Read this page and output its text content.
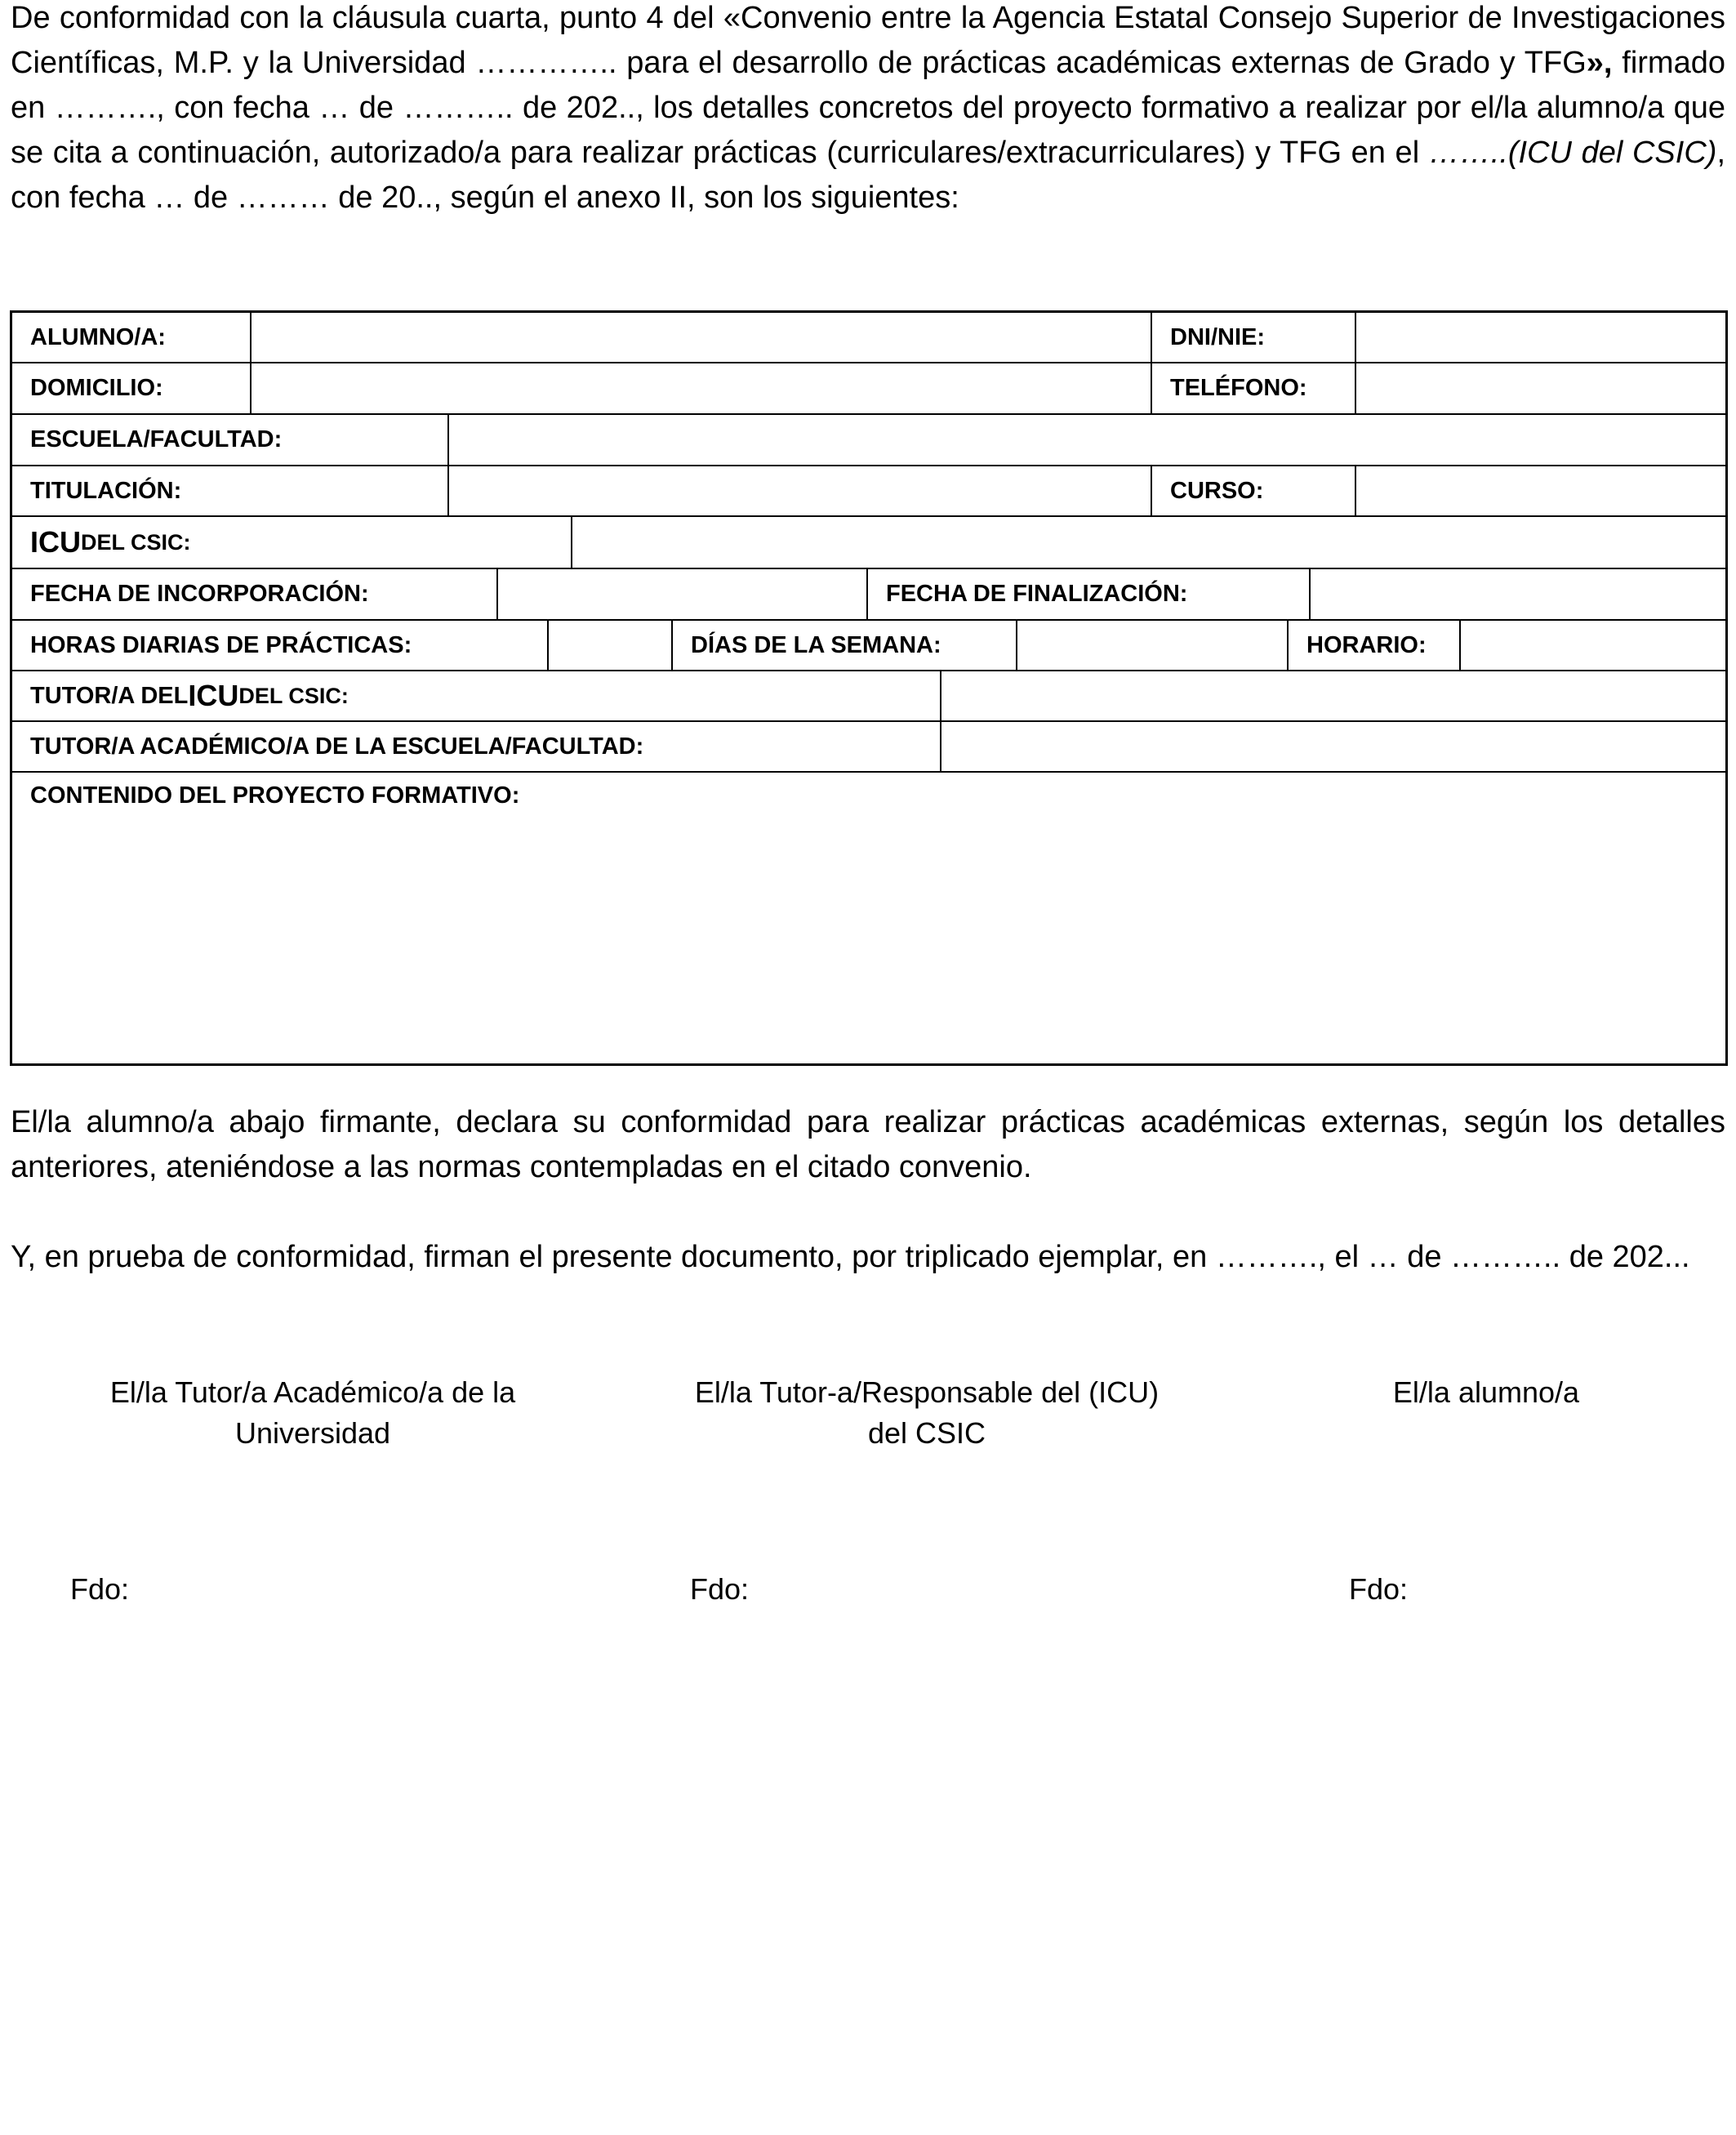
De conformidad con la cláusula cuarta, punto 4 del «Convenio entre la Agencia Estatal Consejo Superior de Investigaciones Científicas, M.P. y la Universidad ………….. para el desarrollo de prácticas académicas externas de Grado y TFG», firmado en ………., con fecha … de ……….. de 202.., los detalles concretos del proyecto formativo a realizar por el/la alumno/a que se cita a continuación, autorizado/a para realizar prácticas (curriculares/extracurriculares) y TFG en el ……..(ICU del CSIC), con fecha … de ……… de 20.., según el anexo II, son los siguientes:

ALUMNO/A:	DNI/NIE:
DOMICILIO:	TELÉFONO:
ESCUELA/FACULTAD:
TITULACIÓN:	CURSO:
ICU DEL CSIC:
FECHA DE INCORPORACIÓN:	FECHA DE FINALIZACIÓN:
HORAS DIARIAS DE PRÁCTICAS:	DÍAS DE LA SEMANA:	HORARIO:
TUTOR/A DEL ICU DEL CSIC:
TUTOR/A ACADÉMICO/A DE LA ESCUELA/FACULTAD:
CONTENIDO DEL PROYECTO FORMATIVO:

El/la alumno/a abajo firmante, declara su conformidad para realizar prácticas académicas externas, según los detalles anteriores, ateniéndose a las normas contempladas en el citado convenio.

Y, en prueba de conformidad, firman el presente documento, por triplicado ejemplar, en ………., el … de ……….. de 202...

El/la Tutor/a Académico/a de la
Universidad

El/la Tutor-a/Responsable del (ICU)
del CSIC

El/la alumno/a

Fdo:	Fdo:	Fdo:
